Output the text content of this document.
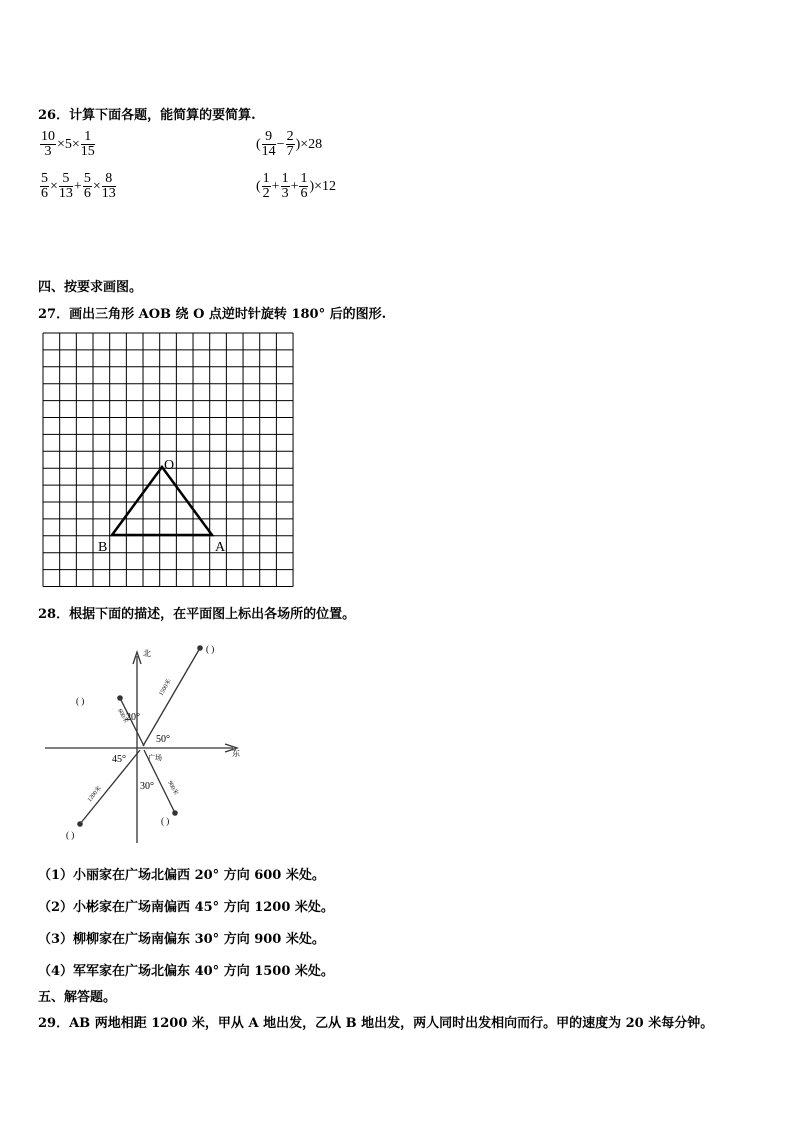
26．计算下面各题，能简算的要简算.
$\frac{10}{3} \times 5\times \frac{1}{15}$	( $\frac{9}{14} - \frac{2}{7} )\times 28$
$\frac{5}{6} \times \frac{5}{13} + \frac{5}{6} \times \frac{8}{13}$	( $\frac{1}{2} + \frac{1}{3} + \frac{1}{6} )\times 12$
四、按要求画图。
27．画出三角形 AOB 绕 O 点逆时针旋转 180° 后的图形.
O
B	A
28．根据下面的描述，在平面图上标出各场所的位置。
北
东
广场
50°
20°
45°
30°
1500米
600米
1200米	900米
( )
( )
( )
( )
（1）小丽家在广场北偏西 20° 方向 600 米处。
（2）小彬家在广场南偏西 45° 方向 1200 米处。
（3）柳柳家在广场南偏东 30° 方向 900 米处。
（4）军军家在广场北偏东 40° 方向 1500 米处。
五、解答题。
29．AB 两地相距 1200 米，甲从 A 地出发，乙从 B 地出发，两人同时出发相向而行。甲的速度为 20 米每分钟。
